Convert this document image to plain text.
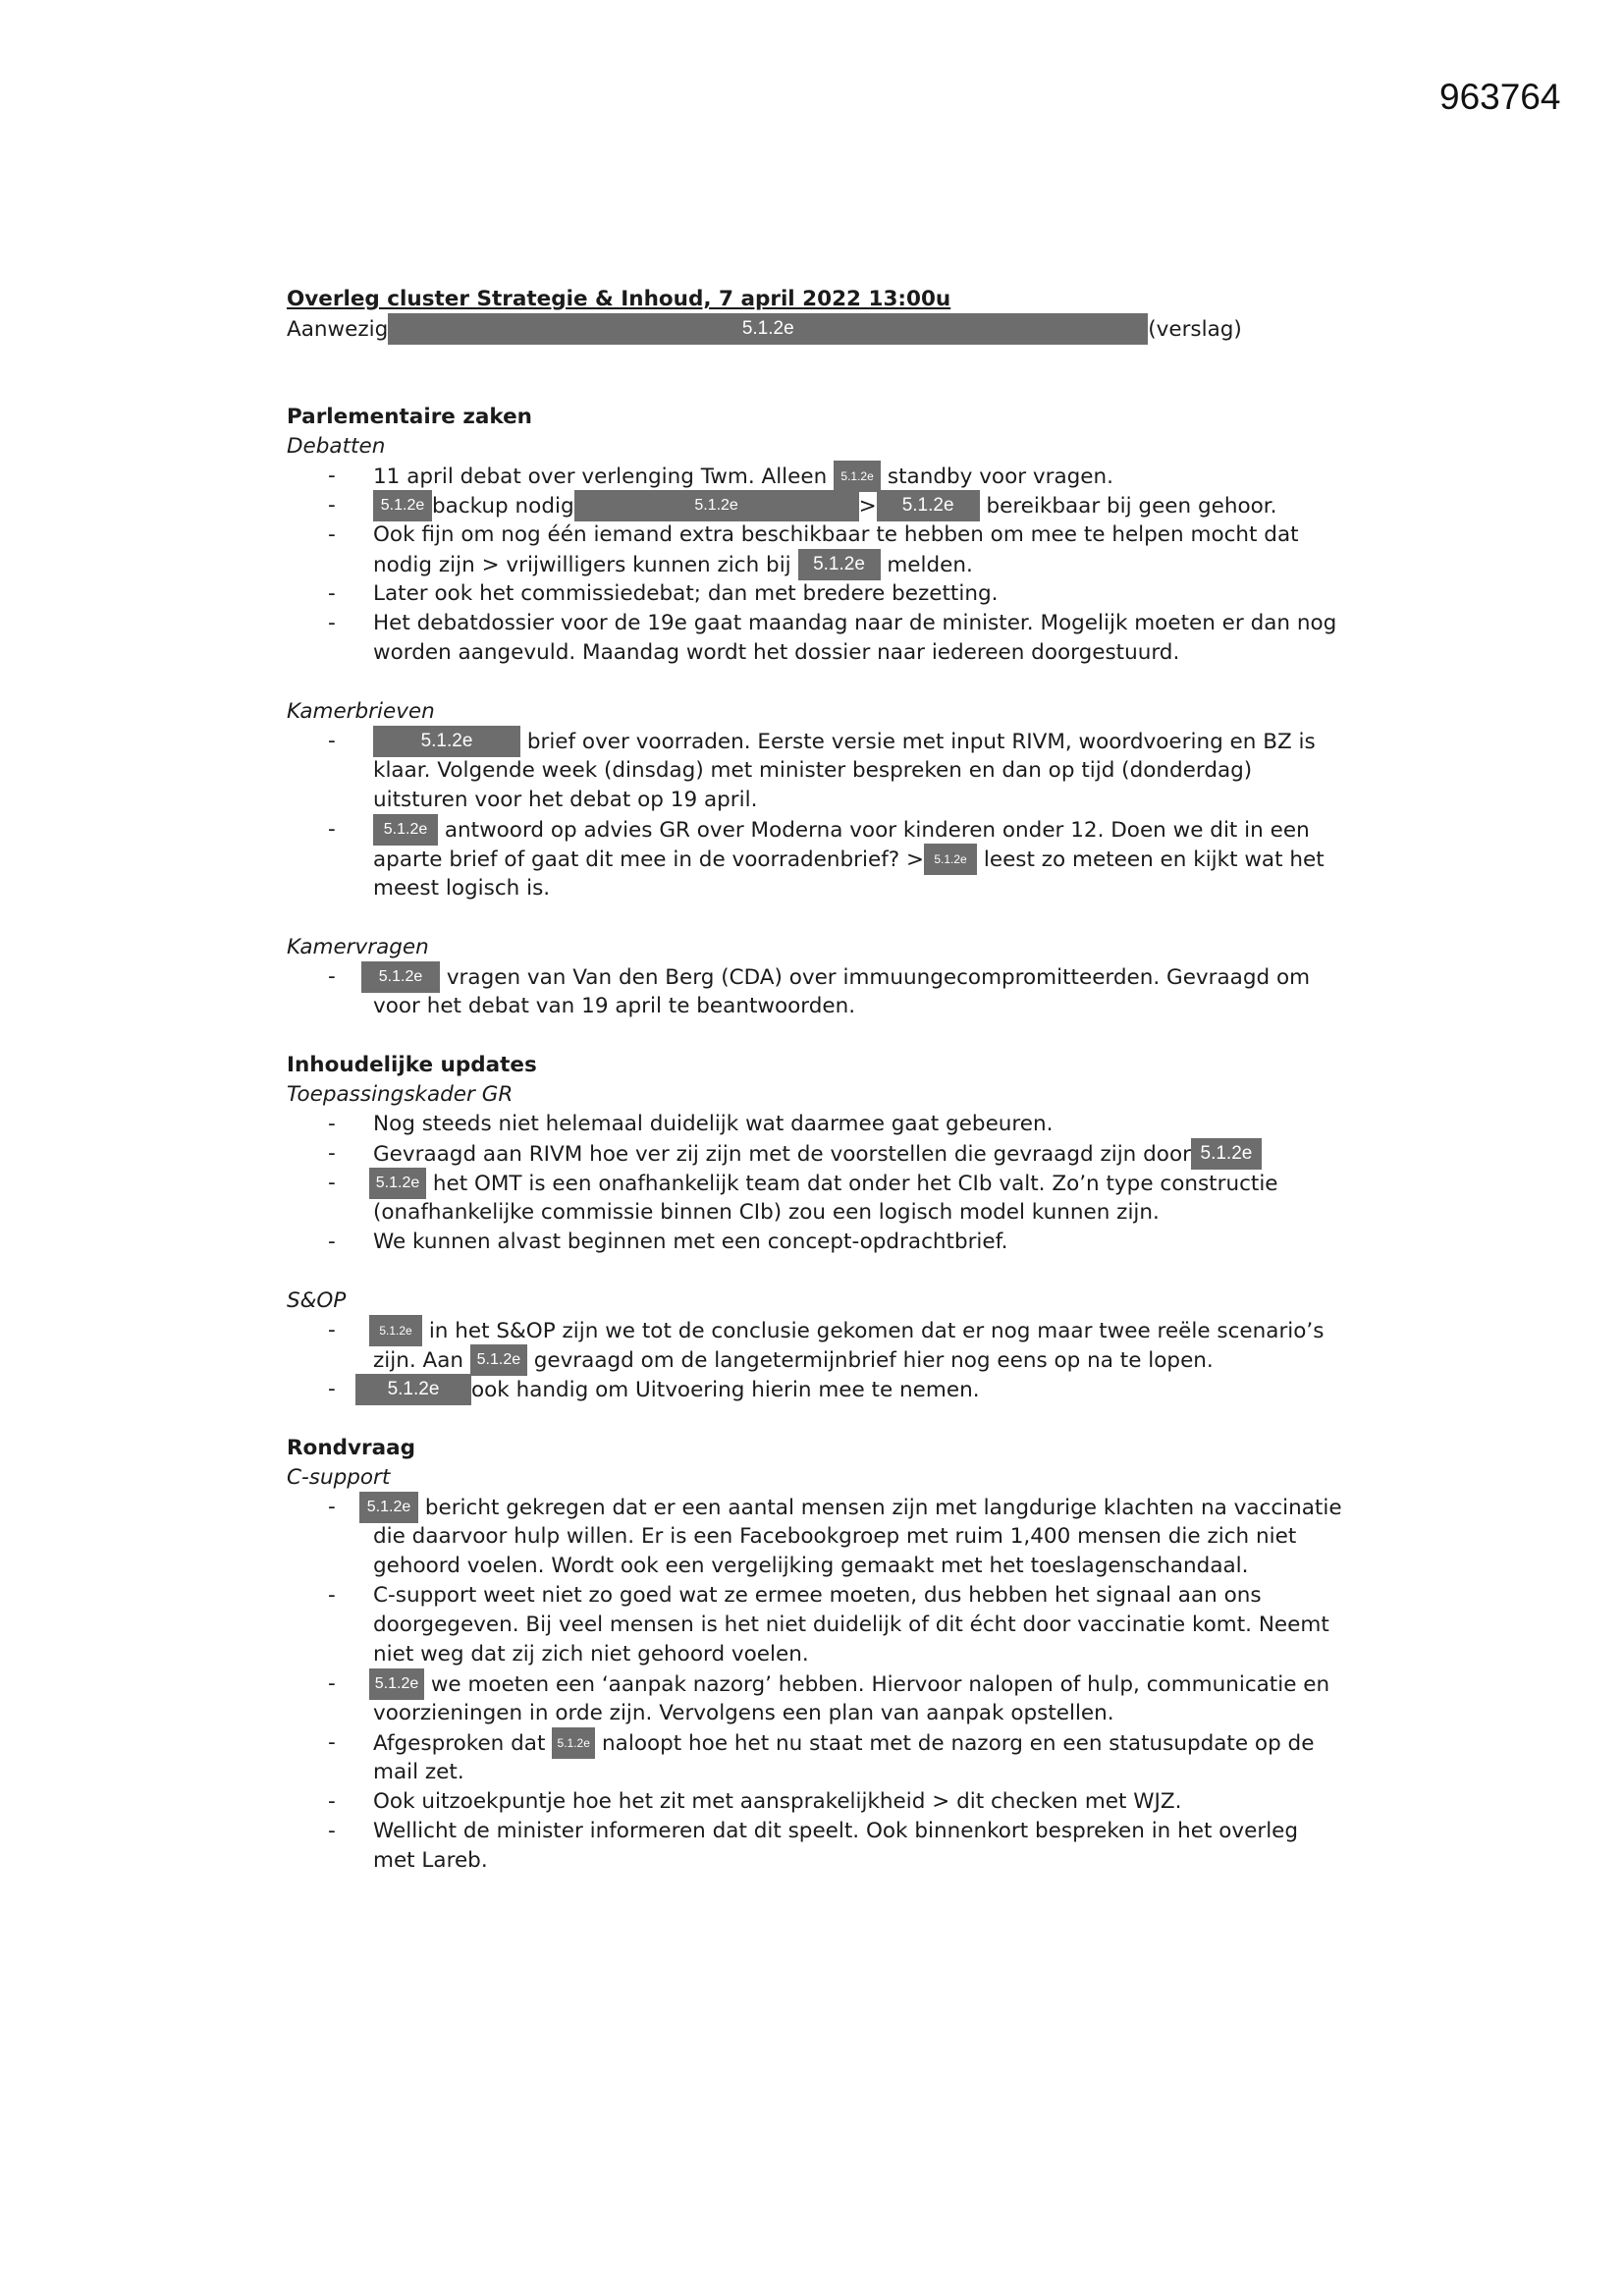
963764
Overleg cluster Strategie & Inhoud, 7 april 2022 13:00u
Aanwezig	5.1.2e	(verslag)
Parlementaire zaken
Debatten
- 11 april debat over verlenging Twm. Alleen 5.1.2e standby voor vragen.
-	5.1.2e backup nodig	5.1.2e	> 5.1.2e bereikbaar bij geen gehoor.
- Ook fijn om nog één iemand extra beschikbaar te hebben om mee te helpen mocht dat
nodig zijn > vrijwilligers kunnen zich bij 5.1.2e melden.
- Later ook het commissiedebat; dan met bredere bezetting.
- Het debatdossier voor de 19e gaat maandag naar de minister. Mogelijk moeten er dan nog
worden aangevuld. Maandag wordt het dossier naar iedereen doorgestuurd.
Kamerbrieven
-	5.1.2e brief over voorraden. Eerste versie met input RIVM, woordvoering en BZ is
klaar. Volgende week (dinsdag) met minister bespreken en dan op tijd (donderdag)
uitsturen voor het debat op 19 april.
-	5.1.2e antwoord op advies GR over Moderna voor kinderen onder 12. Doen we dit in een
aparte brief of gaat dit mee in de voorradenbrief? > 5.1.2e leest zo meteen en kijkt wat het
meest logisch is.
Kamervragen
-	5.1.2e vragen van Van den Berg (CDA) over immuungecompromitteerden. Gevraagd om
voor het debat van 19 april te beantwoorden.
Inhoudelijke updates
Toepassingskader GR
- Nog steeds niet helemaal duidelijk wat daarmee gaat gebeuren.
- Gevraagd aan RIVM hoe ver zij zijn met de voorstellen die gevraagd zijn door 5.1.2e
-	5.1.2e het OMT is een onafhankelijk team dat onder het CIb valt. Zo’n type constructie
(onafhankelijke commissie binnen CIb) zou een logisch model kunnen zijn.
- We kunnen alvast beginnen met een concept-opdrachtbrief.
S&OP
-	5.1.2e in het S&OP zijn we tot de conclusie gekomen dat er nog maar twee reële scenario’s
zijn. Aan 5.1.2e gevraagd om de langetermijnbrief hier nog eens op na te lopen.
-	5.1.2e ook handig om Uitvoering hierin mee te nemen.
Rondvraag
C-support
-	5.1.2e bericht gekregen dat er een aantal mensen zijn met langdurige klachten na vaccinatie
die daarvoor hulp willen. Er is een Facebookgroep met ruim 1,400 mensen die zich niet
gehoord voelen. Wordt ook een vergelijking gemaakt met het toeslagenschandaal.
- C-support weet niet zo goed wat ze ermee moeten, dus hebben het signaal aan ons
doorgegeven. Bij veel mensen is het niet duidelijk of dit écht door vaccinatie komt. Neemt
niet weg dat zij zich niet gehoord voelen.
-	5.1.2e we moeten een ‘aanpak nazorg’ hebben. Hiervoor nalopen of hulp, communicatie en
voorzieningen in orde zijn. Vervolgens een plan van aanpak opstellen.
- Afgesproken dat 5.1.2e naloopt hoe het nu staat met de nazorg en een statusupdate op de
mail zet.
- Ook uitzoekpuntje hoe het zit met aansprakelijkheid > dit checken met WJZ.
- Wellicht de minister informeren dat dit speelt. Ook binnenkort bespreken in het overleg
met Lareb.
